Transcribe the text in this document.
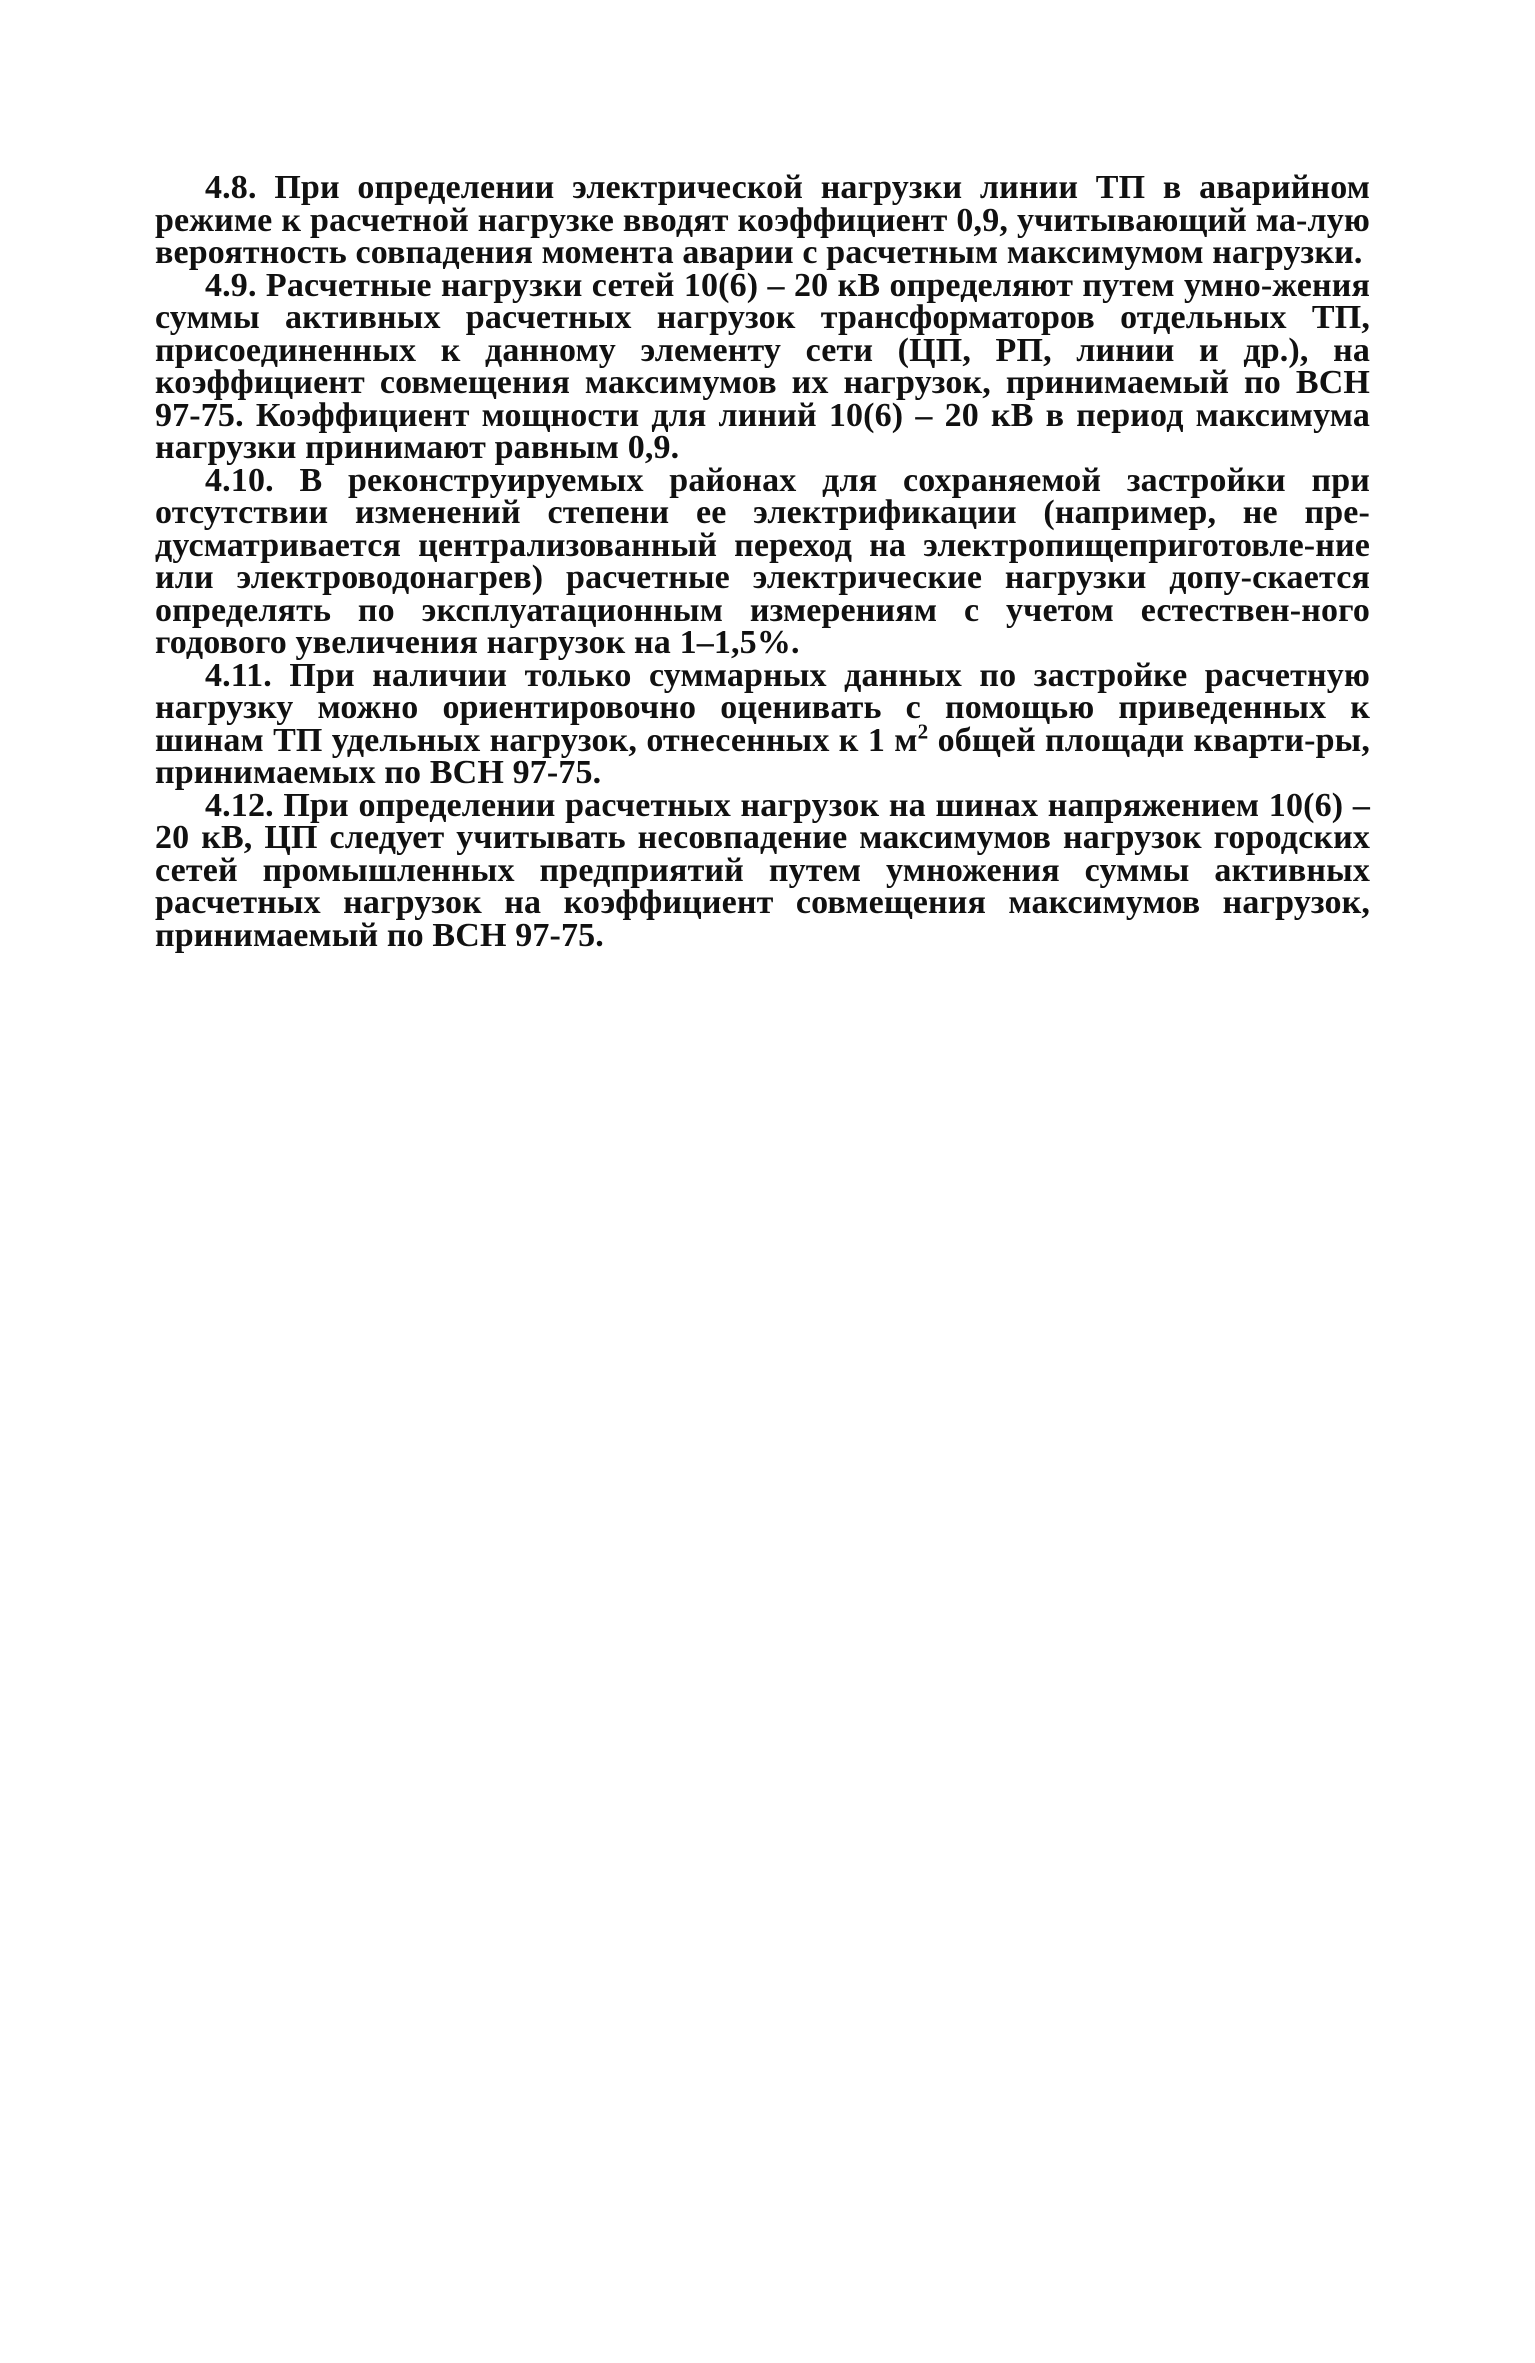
4.8. При определении электрической нагрузки линии ТП в аварийном режиме к расчетной нагрузке вводят коэффициент 0,9, учитывающий ма-лую вероятность совпадения момента аварии с расчетным максимумом нагрузки.

4.9. Расчетные нагрузки сетей 10(6) – 20 кВ определяют путем умно-жения суммы активных расчетных нагрузок трансформаторов отдельных ТП, присоединенных к данному элементу сети (ЦП, РП, линии и др.), на коэффициент совмещения максимумов их нагрузок, принимаемый по ВСН 97-75. Коэффициент мощности для линий 10(6) – 20 кВ в период максимума нагрузки принимают равным 0,9.

4.10. В реконструируемых районах для сохраняемой застройки при отсутствии изменений степени ее электрификации (например, не пре-дусматривается централизованный переход на электропищеприготовле-ние или электроводонагрев) расчетные электрические нагрузки допу-скается определять по эксплуатационным измерениям с учетом естествен-ного годового увеличения нагрузок на 1–1,5%.

4.11. При наличии только суммарных данных по застройке расчетную нагрузку можно ориентировочно оценивать с помощью приведенных к шинам ТП удельных нагрузок, отнесенных к 1 $м^2$ общей площади кварти-ры, принимаемых по ВСН 97-75.

4.12. При определении расчетных нагрузок на шинах напряжением 10(6) – 20 кВ, ЦП следует учитывать несовпадение максимумов нагрузок городских сетей промышленных предприятий путем умножения суммы активных расчетных нагрузок на коэффициент совмещения максимумов нагрузок, принимаемый по ВСН 97-75.
